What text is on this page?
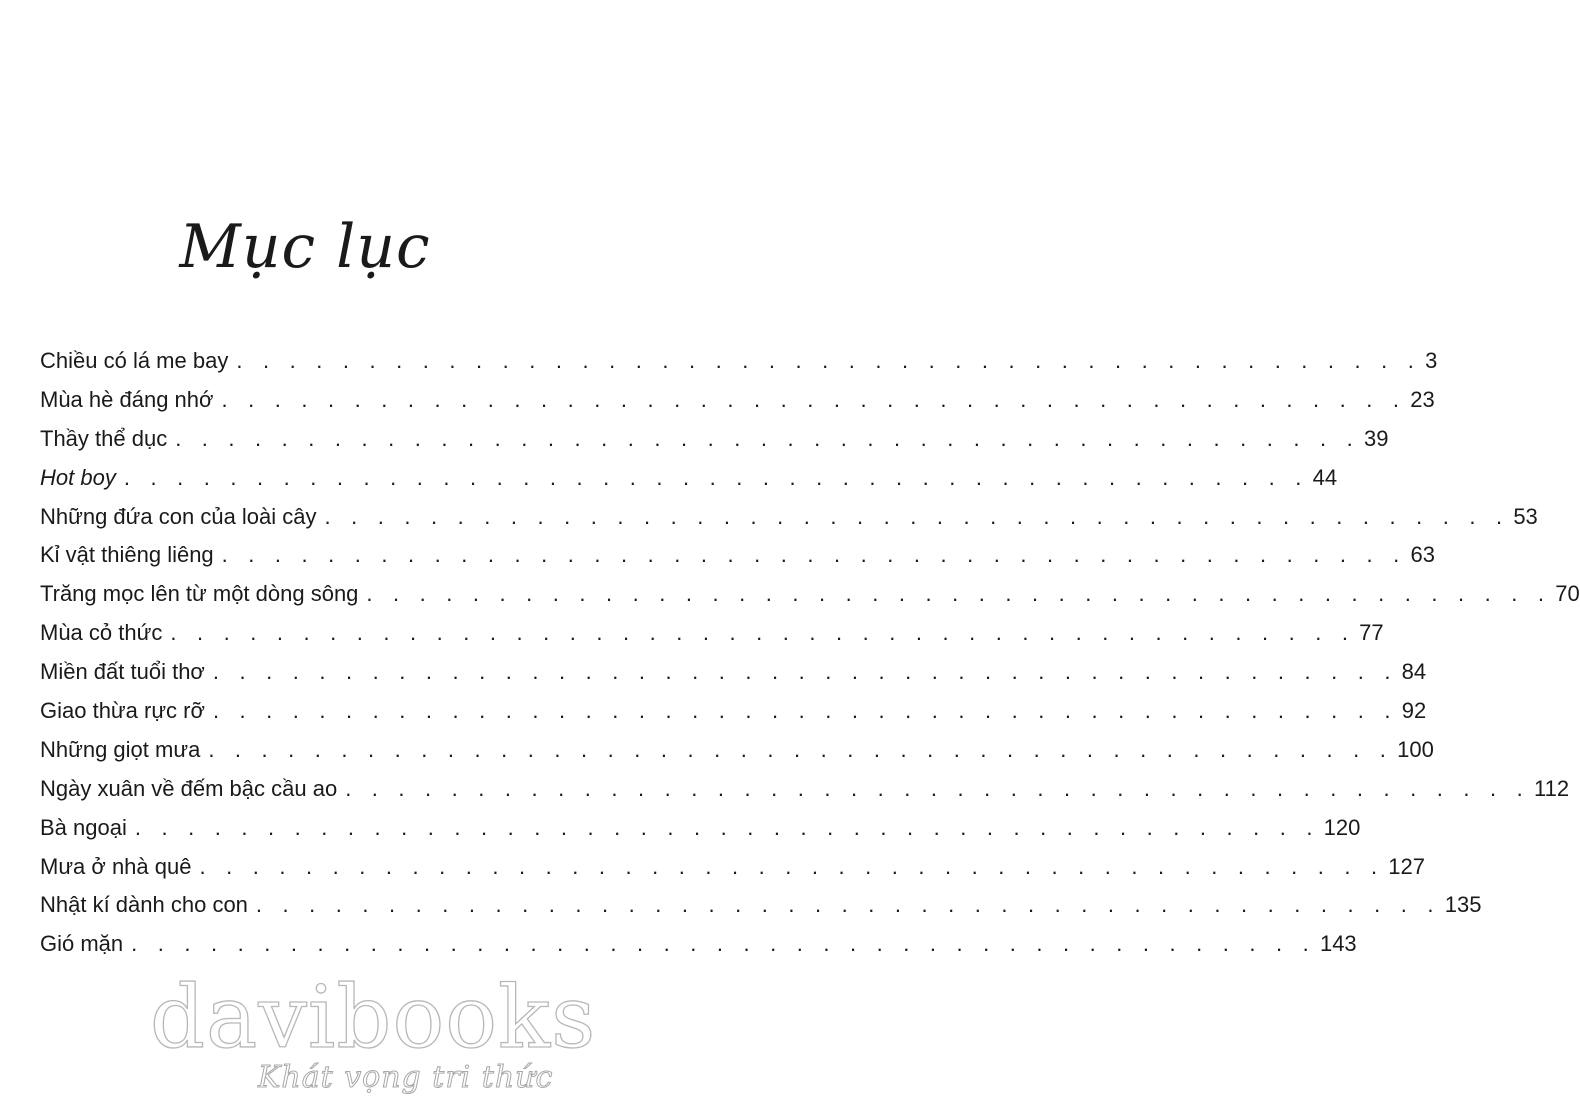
Mục lục
Chiều có lá me bay . . . . . . . . . . . . . . . . . . . . . . . . . . . . . . . . . . . . . . . . . . . . . 3
Mùa hè đáng nhớ . . . . . . . . . . . . . . . . . . . . . . . . . . . . . . . . . . . . . . . . . . . . . 23
Thầy thể dục . . . . . . . . . . . . . . . . . . . . . . . . . . . . . . . . . . . . . . . . . . . . . 39
Hot boy . . . . . . . . . . . . . . . . . . . . . . . . . . . . . . . . . . . . . . . . . . . . . 44
Những đứa con của loài cây . . . . . . . . . . . . . . . . . . . . . . . . . . . . . . . . . . . . . . . . . . . . . 53
Kỉ vật thiêng liêng . . . . . . . . . . . . . . . . . . . . . . . . . . . . . . . . . . . . . . . . . . . . . 63
Trăng mọc lên từ một dòng sông . . . . . . . . . . . . . . . . . . . . . . . . . . . . . . . . . . . . . . . . . . . . . 70
Mùa cỏ thức . . . . . . . . . . . . . . . . . . . . . . . . . . . . . . . . . . . . . . . . . . . . . 77
Miền đất tuổi thơ . . . . . . . . . . . . . . . . . . . . . . . . . . . . . . . . . . . . . . . . . . . . . 84
Giao thừa rực rỡ . . . . . . . . . . . . . . . . . . . . . . . . . . . . . . . . . . . . . . . . . . . . . 92
Những giọt mưa . . . . . . . . . . . . . . . . . . . . . . . . . . . . . . . . . . . . . . . . . . . . . 100
Ngày xuân về đếm bậc cầu ao . . . . . . . . . . . . . . . . . . . . . . . . . . . . . . . . . . . . . . . . . . . . . 112
Bà ngoại . . . . . . . . . . . . . . . . . . . . . . . . . . . . . . . . . . . . . . . . . . . . . 120
Mưa ở nhà quê . . . . . . . . . . . . . . . . . . . . . . . . . . . . . . . . . . . . . . . . . . . . . 127
Nhật kí dành cho con . . . . . . . . . . . . . . . . . . . . . . . . . . . . . . . . . . . . . . . . . . . . . 135
Gió mặn . . . . . . . . . . . . . . . . . . . . . . . . . . . . . . . . . . . . . . . . . . . . . 143
davibooks
Khát vọng tri thức
